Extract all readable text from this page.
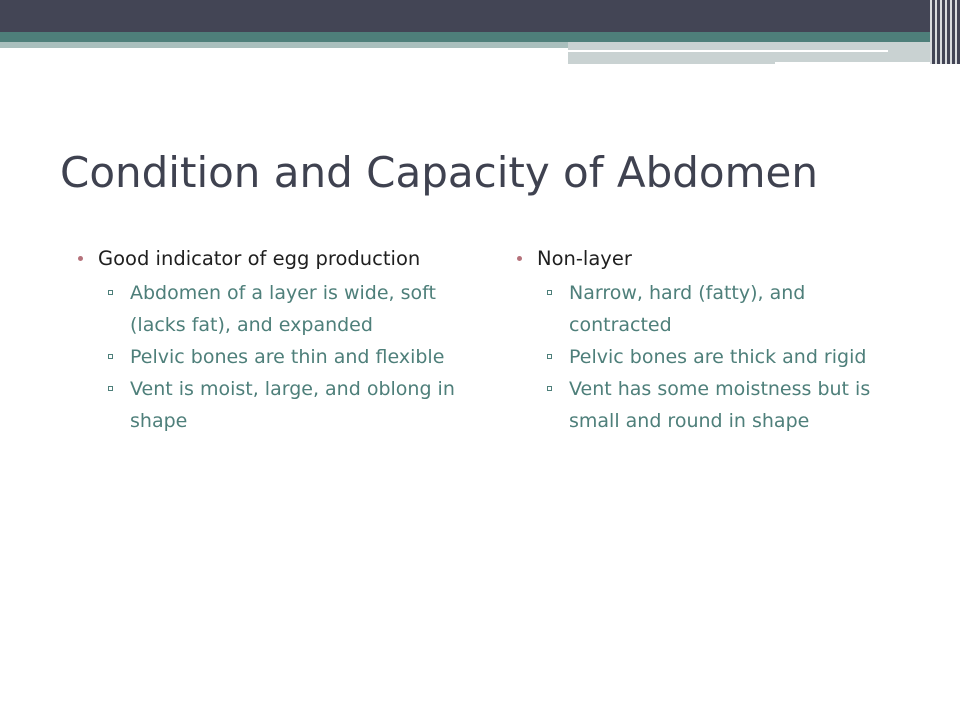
Condition and Capacity of Abdomen
Good indicator of egg production
Abdomen of a layer is wide, soft (lacks fat), and expanded
Pelvic bones are thin and flexible
Vent is moist, large, and oblong in shape
Non-layer
Narrow, hard (fatty), and contracted
Pelvic bones are thick and rigid
Vent has some moistness but is small and round in shape
